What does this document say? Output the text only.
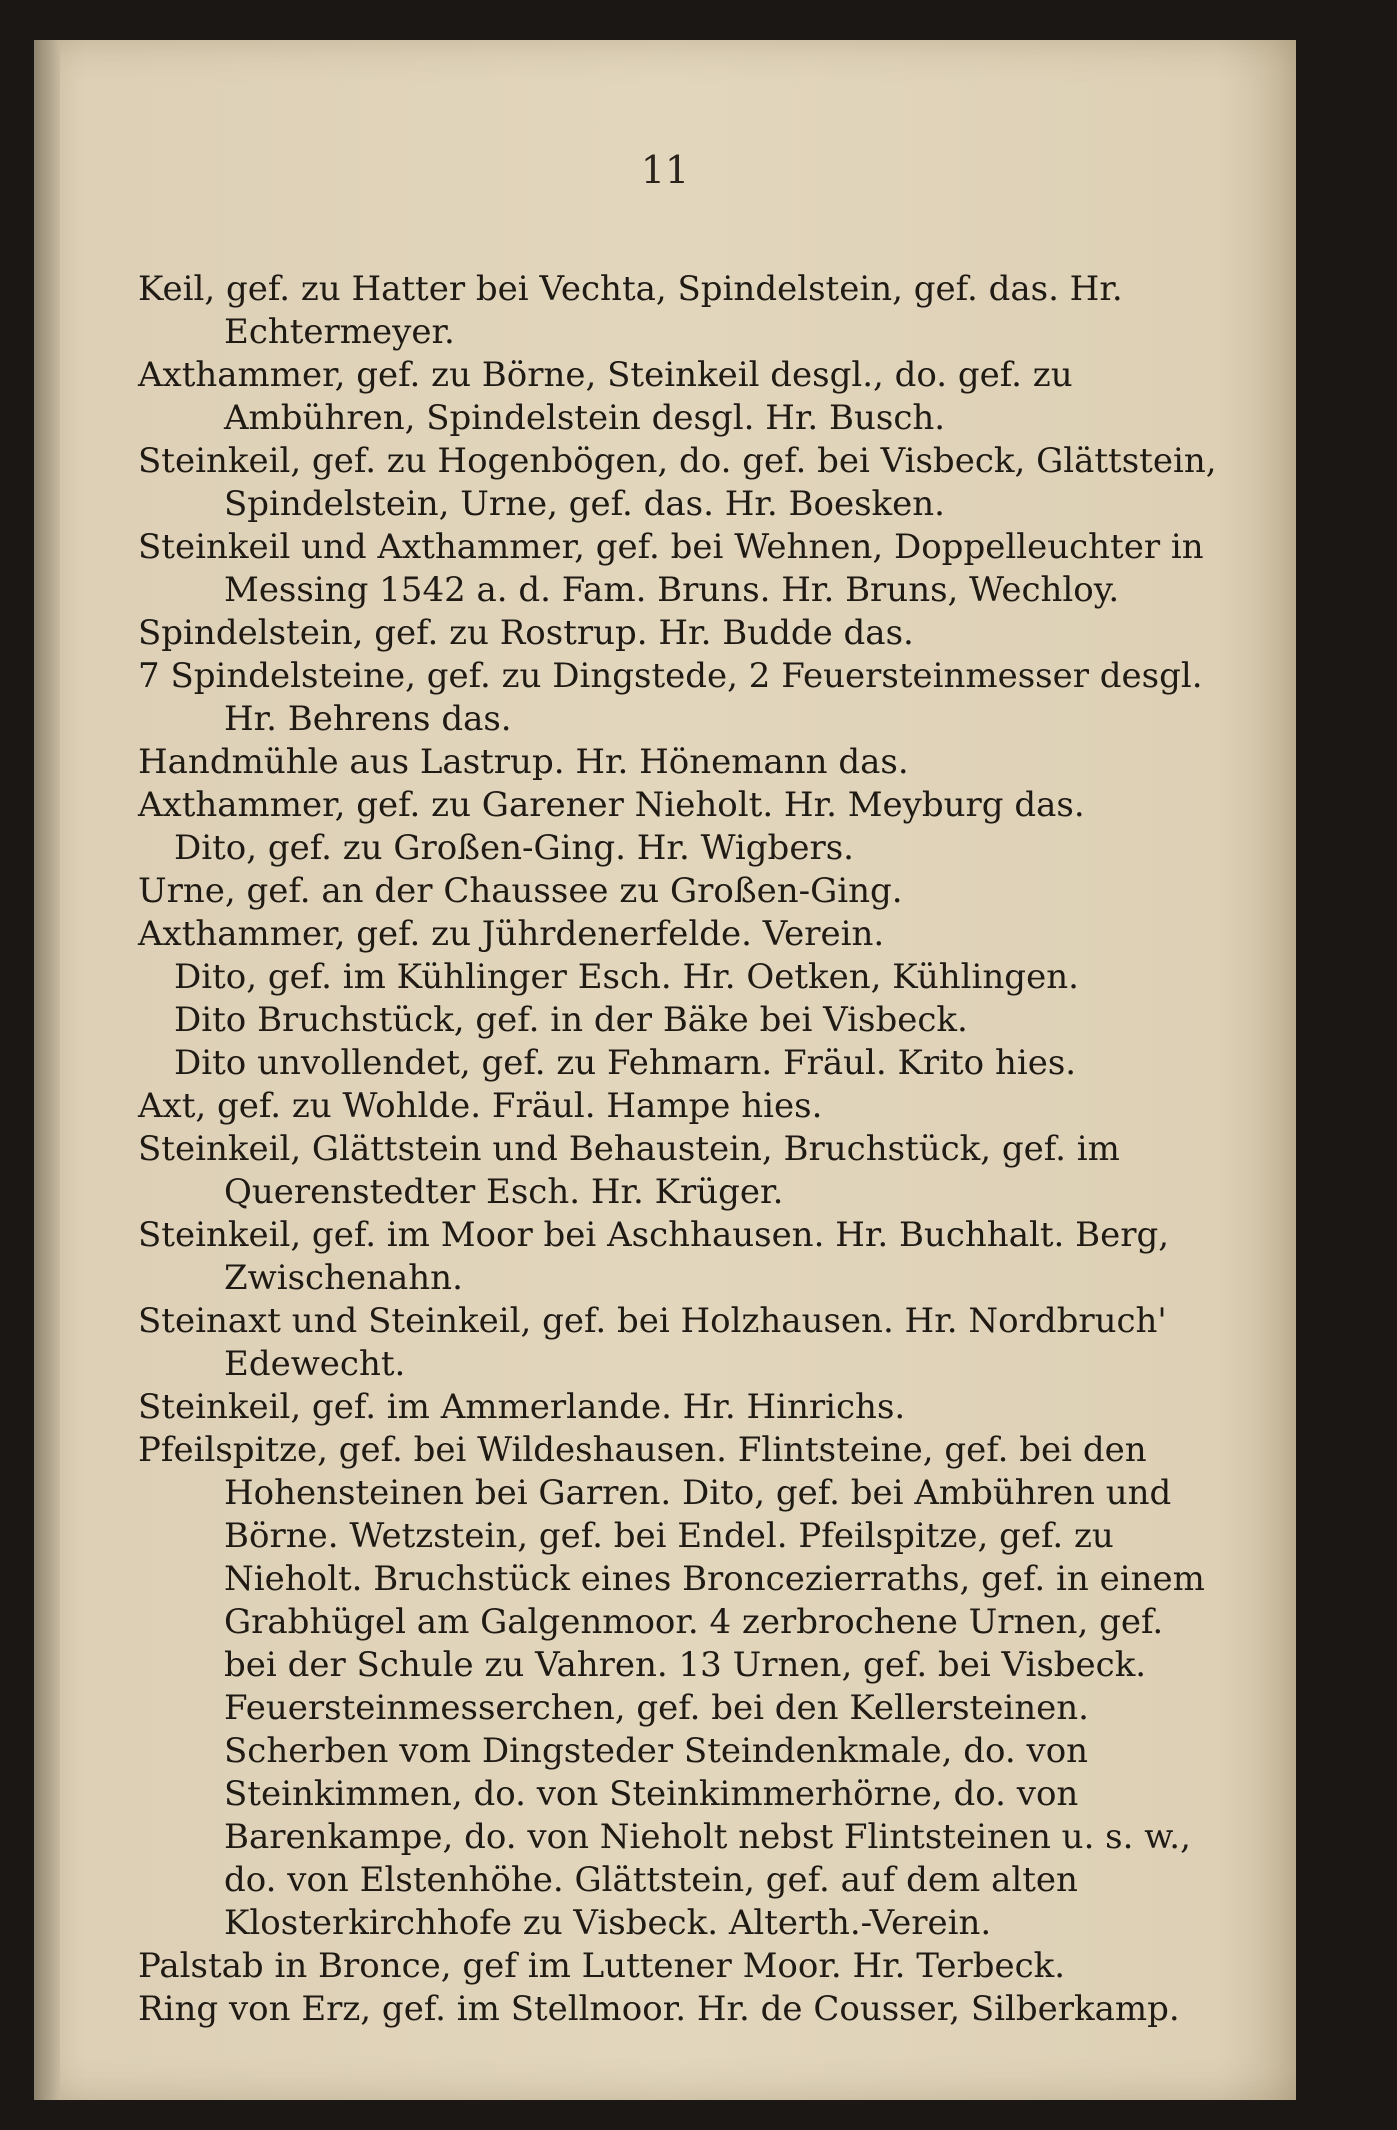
11

Keil, gef. zu Hatter bei Vechta, Spindelstein, gef. das. Hr. Echtermeyer.

Axthammer, gef. zu Börne, Steinkeil desgl., do. gef. zu Ambühren, Spindelstein desgl. Hr. Busch.

Steinkeil, gef. zu Hogenbögen, do. gef. bei Visbeck, Glättstein, Spindelstein, Urne, gef. das. Hr. Boesken.

Steinkeil und Axthammer, gef. bei Wehnen, Doppelleuchter in Messing 1542 a. d. Fam. Bruns. Hr. Bruns, Wechloy.

Spindelstein, gef. zu Rostrup. Hr. Budde das.

7 Spindelsteine, gef. zu Dingstede, 2 Feuersteinmesser desgl. Hr. Behrens das.

Handmühle aus Lastrup. Hr. Hönemann das.

Axthammer, gef. zu Garener Nieholt. Hr. Meyburg das.

Dito, gef. zu Großen-Ging. Hr. Wigbers.

Urne, gef. an der Chaussee zu Großen-Ging.

Axthammer, gef. zu Jührdenerfelde. Verein.

Dito, gef. im Kühlinger Esch. Hr. Oetken, Kühlingen.

Dito Bruchstück, gef. in der Bäke bei Visbeck.

Dito unvollendet, gef. zu Fehmarn. Fräul. Krito hies.

Axt, gef. zu Wohlde. Fräul. Hampe hies.

Steinkeil, Glättstein und Behaustein, Bruchstück, gef. im Querenstedter Esch. Hr. Krüger.

Steinkeil, gef. im Moor bei Aschhausen. Hr. Buchhalt. Berg, Zwischenahn.

Steinaxt und Steinkeil, gef. bei Holzhausen. Hr. Nordbruch' Edewecht.

Steinkeil, gef. im Ammerlande. Hr. Hinrichs.

Pfeilspitze, gef. bei Wildeshausen. Flintsteine, gef. bei den Hohensteinen bei Garren. Dito, gef. bei Ambühren und Börne. Wetzstein, gef. bei Endel. Pfeilspitze, gef. zu Nieholt. Bruchstück eines Broncezierraths, gef. in einem Grabhügel am Galgenmoor. 4 zerbrochene Urnen, gef. bei der Schule zu Vahren. 13 Urnen, gef. bei Visbeck. Feuersteinmesserchen, gef. bei den Kellersteinen. Scherben vom Dingsteder Steindenkmale, do. von Steinkimmen, do. von Steinkimmerhörne, do. von Barenkampe, do. von Nieholt nebst Flintsteinen u. s. w., do. von Elstenhöhe. Glättstein, gef. auf dem alten Klosterkirchhofe zu Visbeck. Alterth.-Verein.

Palstab in Bronce, gef im Luttener Moor. Hr. Terbeck.

Ring von Erz, gef. im Stellmoor. Hr. de Cousser, Silberkamp.
